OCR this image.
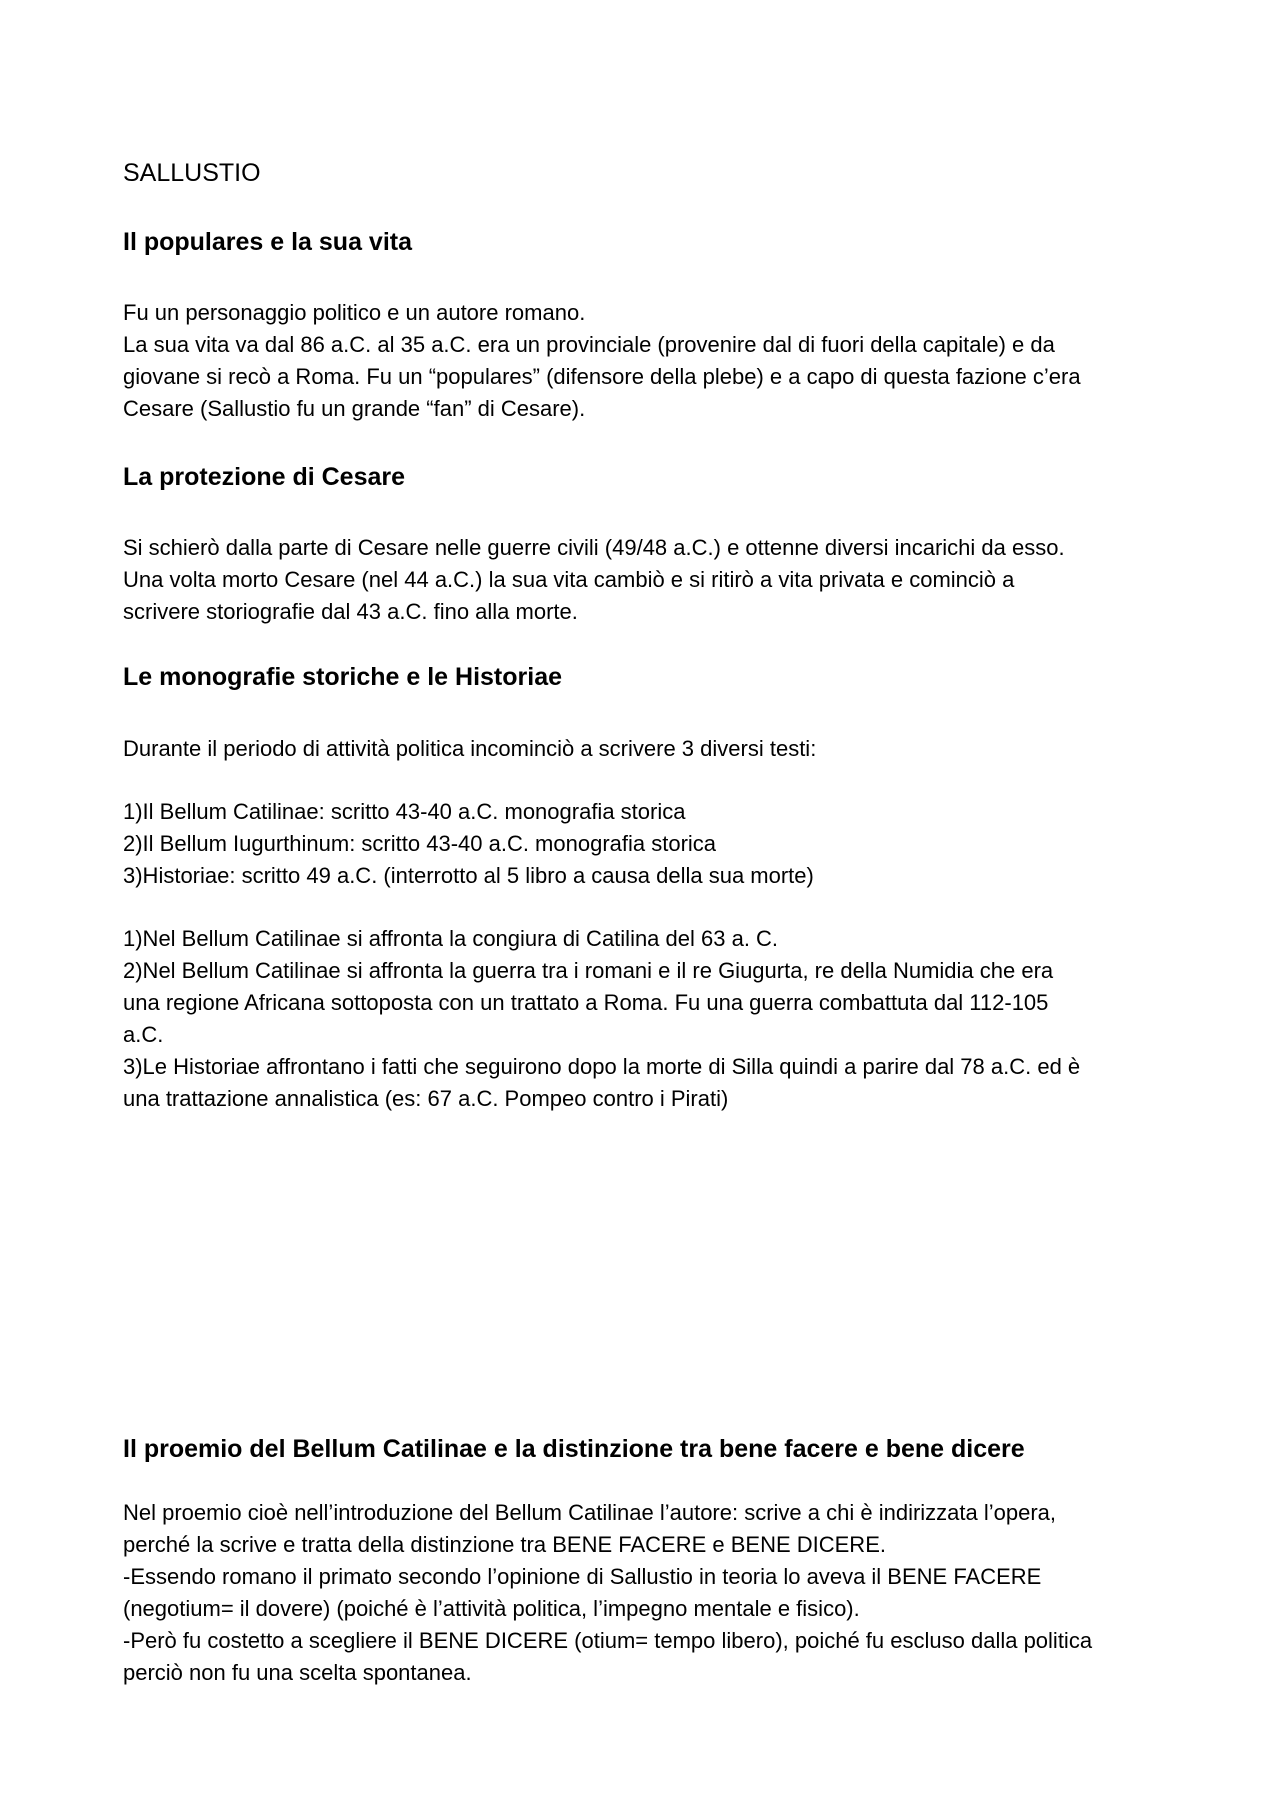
SALLUSTIO
Il populares e la sua vita
Fu un personaggio politico e un autore romano.
La sua vita va dal 86 a.C. al 35 a.C. era un provinciale (provenire dal di fuori della capitale) e da
giovane si recò a Roma. Fu un “populares” (difensore della plebe) e a capo di questa fazione c’era
Cesare (Sallustio fu un grande “fan” di Cesare).
La protezione di Cesare
Si schierò dalla parte di Cesare nelle guerre civili (49/48 a.C.) e ottenne diversi incarichi da esso.
Una volta morto Cesare (nel 44 a.C.) la sua vita cambiò e si ritirò a vita privata e cominciò a
scrivere storiografie dal 43 a.C. fino alla morte.
Le monografie storiche e le Historiae
Durante il periodo di attività politica incominciò a scrivere 3 diversi testi:
1)Il Bellum Catilinae: scritto 43-40 a.C. monografia storica
2)Il Bellum Iugurthinum: scritto 43-40 a.C. monografia storica
3)Historiae: scritto 49 a.C. (interrotto al 5 libro a causa della sua morte)
1)Nel Bellum Catilinae si affronta la congiura di Catilina del 63 a. C.
2)Nel Bellum Catilinae si affronta la guerra tra i romani e il re Giugurta, re della Numidia che era
una regione Africana sottoposta con un trattato a Roma. Fu una guerra combattuta dal 112-105
a.C.
3)Le Historiae affrontano i fatti che seguirono dopo la morte di Silla quindi a parire dal 78 a.C. ed è
una trattazione annalistica (es: 67 a.C. Pompeo contro i Pirati)
Il proemio del Bellum Catilinae e la distinzione tra bene facere e bene dicere
Nel proemio cioè nell’introduzione del Bellum Catilinae l’autore: scrive a chi è indirizzata l’opera,
perché la scrive e tratta della distinzione tra BENE FACERE e BENE DICERE.
-Essendo romano il primato secondo l’opinione di Sallustio in teoria lo aveva il BENE FACERE
(negotium= il dovere) (poiché è l’attività politica, l’impegno mentale e fisico).
-Però fu costetto a scegliere il BENE DICERE (otium= tempo libero), poiché fu escluso dalla politica
perciò non fu una scelta spontanea.
